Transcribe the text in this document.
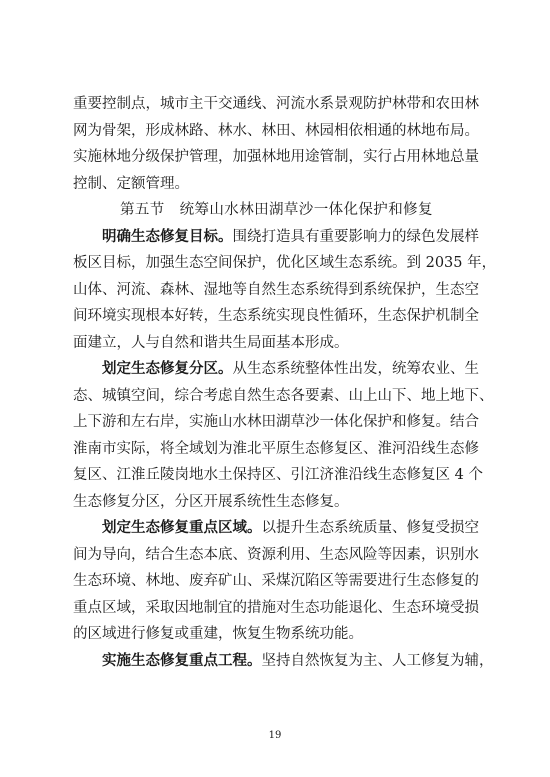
重要控制点，城市主干交通线、河流水系景观防护林带和农田林
网为骨架，形成林路、林水、林田、林园相依相通的林地布局。
实施林地分级保护管理，加强林地用途管制，实行占用林地总量
控制、定额管理。
第五节　统筹山水林田湖草沙一体化保护和修复
明确生态修复目标。围绕打造具有重要影响力的绿色发展样
板区目标，加强生态空间保护，优化区域生态系统。到 2035 年，
山体、河流、森林、湿地等自然生态系统得到系统保护，生态空
间环境实现根本好转，生态系统实现良性循环，生态保护机制全
面建立，人与自然和谐共生局面基本形成。
划定生态修复分区。从生态系统整体性出发，统筹农业、生
态、城镇空间，综合考虑自然生态各要素、山上山下、地上地下、
上下游和左右岸，实施山水林田湖草沙一体化保护和修复。结合
淮南市实际，将全域划为淮北平原生态修复区、淮河沿线生态修
复区、江淮丘陵岗地水土保持区、引江济淮沿线生态修复区 4 个
生态修复分区，分区开展系统性生态修复。
划定生态修复重点区域。以提升生态系统质量、修复受损空
间为导向，结合生态本底、资源利用、生态风险等因素，识别水
生态环境、林地、废弃矿山、采煤沉陷区等需要进行生态修复的
重点区域，采取因地制宜的措施对生态功能退化、生态环境受损
的区域进行修复或重建，恢复生物系统功能。
实施生态修复重点工程。坚持自然恢复为主、人工修复为辅，
19
